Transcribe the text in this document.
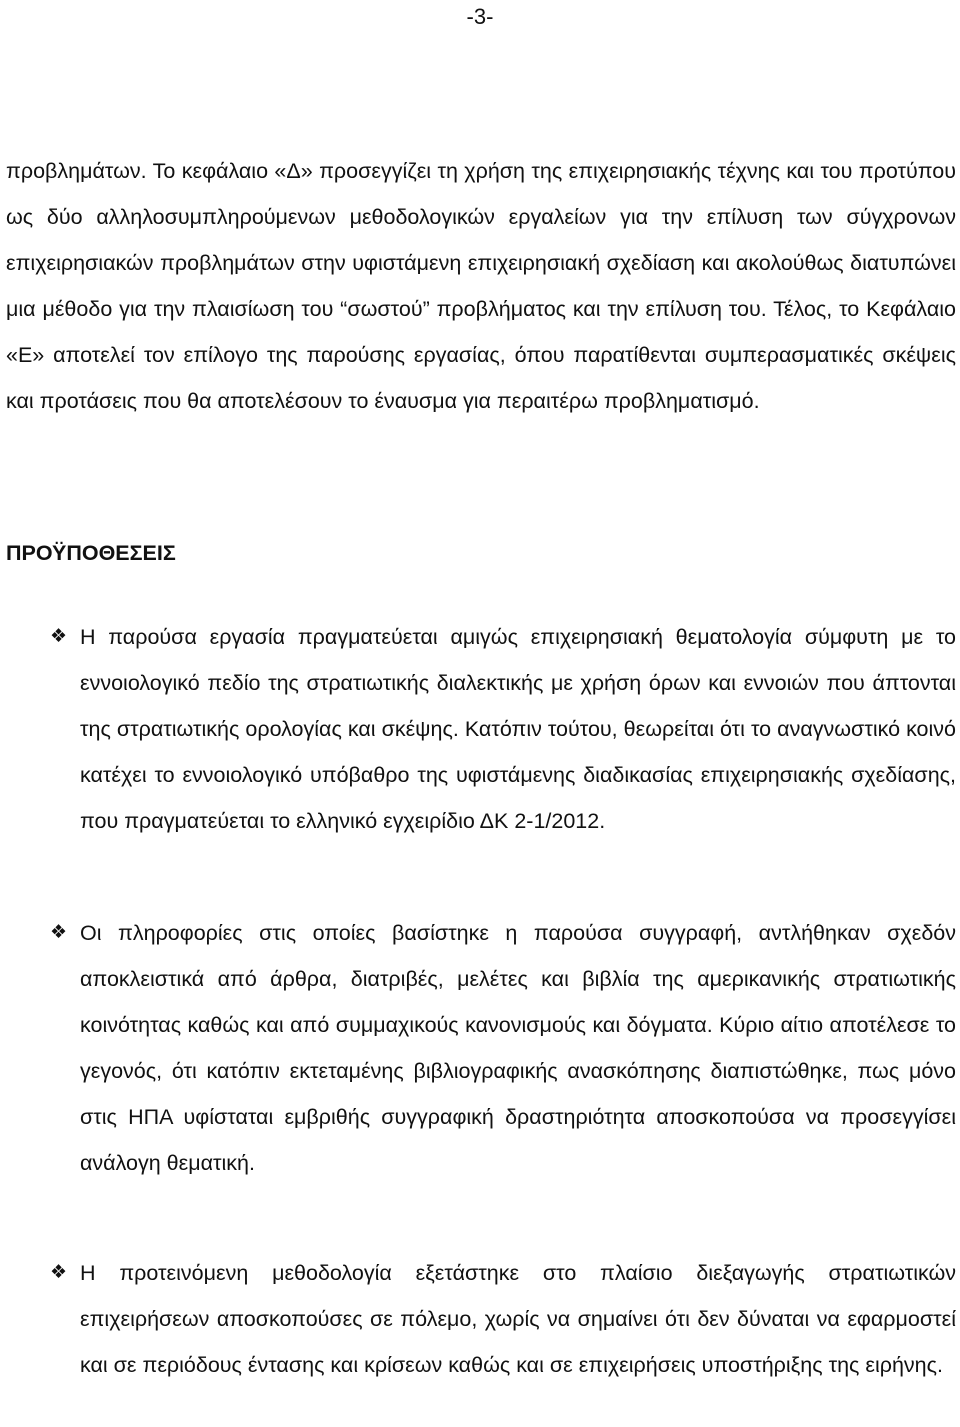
-3-

προβλημάτων. Το κεφάλαιο «Δ» προσεγγίζει τη χρήση της επιχειρησιακής τέχνης και του προτύπου ως δύο αλληλοσυμπληρούμενων μεθοδολογικών εργαλείων για την επίλυση των σύγχρονων επιχειρησιακών προβλημάτων στην υφιστάμενη επιχειρησιακή σχεδίαση και ακολούθως διατυπώνει μια μέθοδο για την πλαισίωση του “σωστού” προβλήματος και την επίλυση του. Τέλος, το Κεφάλαιο «Ε» αποτελεί τον επίλογο της παρούσης εργασίας, όπου παρατίθενται συμπερασματικές σκέψεις και προτάσεις που θα αποτελέσουν το έναυσμα για περαιτέρω προβληματισμό.

ΠΡΟΫΠΟΘΕΣΕΙΣ
❖ Η παρούσα εργασία πραγματεύεται αμιγώς επιχειρησιακή θεματολογία σύμφυτη με το εννοιολογικό πεδίο της στρατιωτικής διαλεκτικής με χρήση όρων και εννοιών που άπτονται της στρατιωτικής ορολογίας και σκέψης. Κατόπιν τούτου, θεωρείται ότι το αναγνωστικό κοινό κατέχει το εννοιολογικό υπόβαθρο της υφιστάμενης διαδικασίας επιχειρησιακής σχεδίασης, που πραγματεύεται το ελληνικό εγχειρίδιο ΔΚ 2-1/2012.

❖ Οι πληροφορίες στις οποίες βασίστηκε η παρούσα συγγραφή, αντλήθηκαν σχεδόν αποκλειστικά από άρθρα, διατριβές, μελέτες και βιβλία της αμερικανικής στρατιωτικής κοινότητας καθώς και από συμμαχικούς κανονισμούς και δόγματα. Κύριο αίτιο αποτέλεσε το γεγονός, ότι κατόπιν εκτεταμένης βιβλιογραφικής ανασκόπησης διαπιστώθηκε, πως μόνο στις ΗΠΑ υφίσταται εμβριθής συγγραφική δραστηριότητα αποσκοπούσα να προσεγγίσει ανάλογη θεματική.

❖ Η προτεινόμενη μεθοδολογία εξετάστηκε στο πλαίσιο διεξαγωγής στρατιωτικών επιχειρήσεων αποσκοπούσες σε πόλεμο, χωρίς να σημαίνει ότι δεν δύναται να εφαρμοστεί και σε περιόδους έντασης και κρίσεων καθώς και σε επιχειρήσεις υποστήριξης της ειρήνης.
